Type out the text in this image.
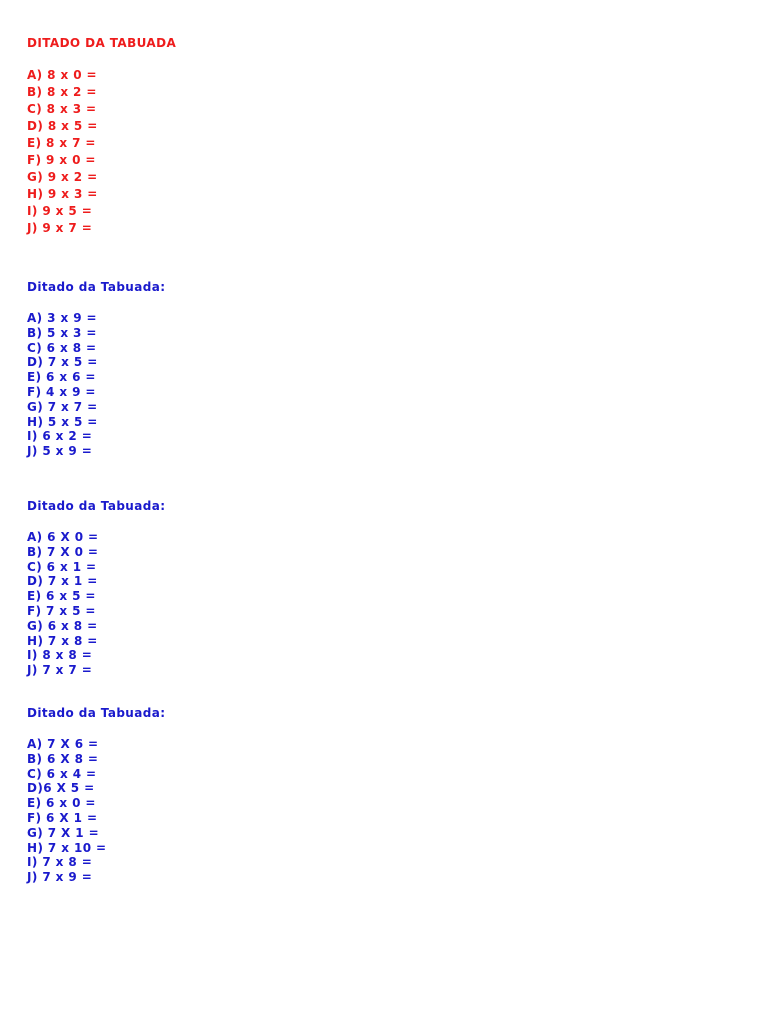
DITADO DA TABUADA
A) 8 x 0 =
B) 8 x 2 =
C) 8 x 3 =
D) 8 x 5 =
E) 8 x 7 =
F) 9 x 0 =
G) 9 x 2 =
H) 9 x 3 =
I) 9 x 5 =
J) 9 x 7 =
Ditado da Tabuada:
A) 3 x 9 =
B) 5 x 3 =
C) 6 x 8 =
D) 7 x 5 =
E) 6 x 6 =
F) 4 x 9 =
G) 7 x 7 =
H) 5 x 5 =
I) 6 x 2 =
J) 5 x 9 =
Ditado da Tabuada:
A) 6 X 0 =
B) 7 X 0 =
C) 6 x 1 =
D) 7 x 1 =
E) 6 x 5 =
F) 7 x 5 =
G) 6 x 8 =
H) 7 x 8 =
I) 8 x 8 =
J) 7 x 7 =
Ditado da Tabuada:
A) 7 X 6 =
B) 6 X 8 =
C) 6 x 4 =
D)6 X 5 =
E) 6 x 0 =
F) 6 X 1 =
G) 7 X 1 =
H) 7 x 10 =
I) 7 x 8 =
J) 7 x 9 =
